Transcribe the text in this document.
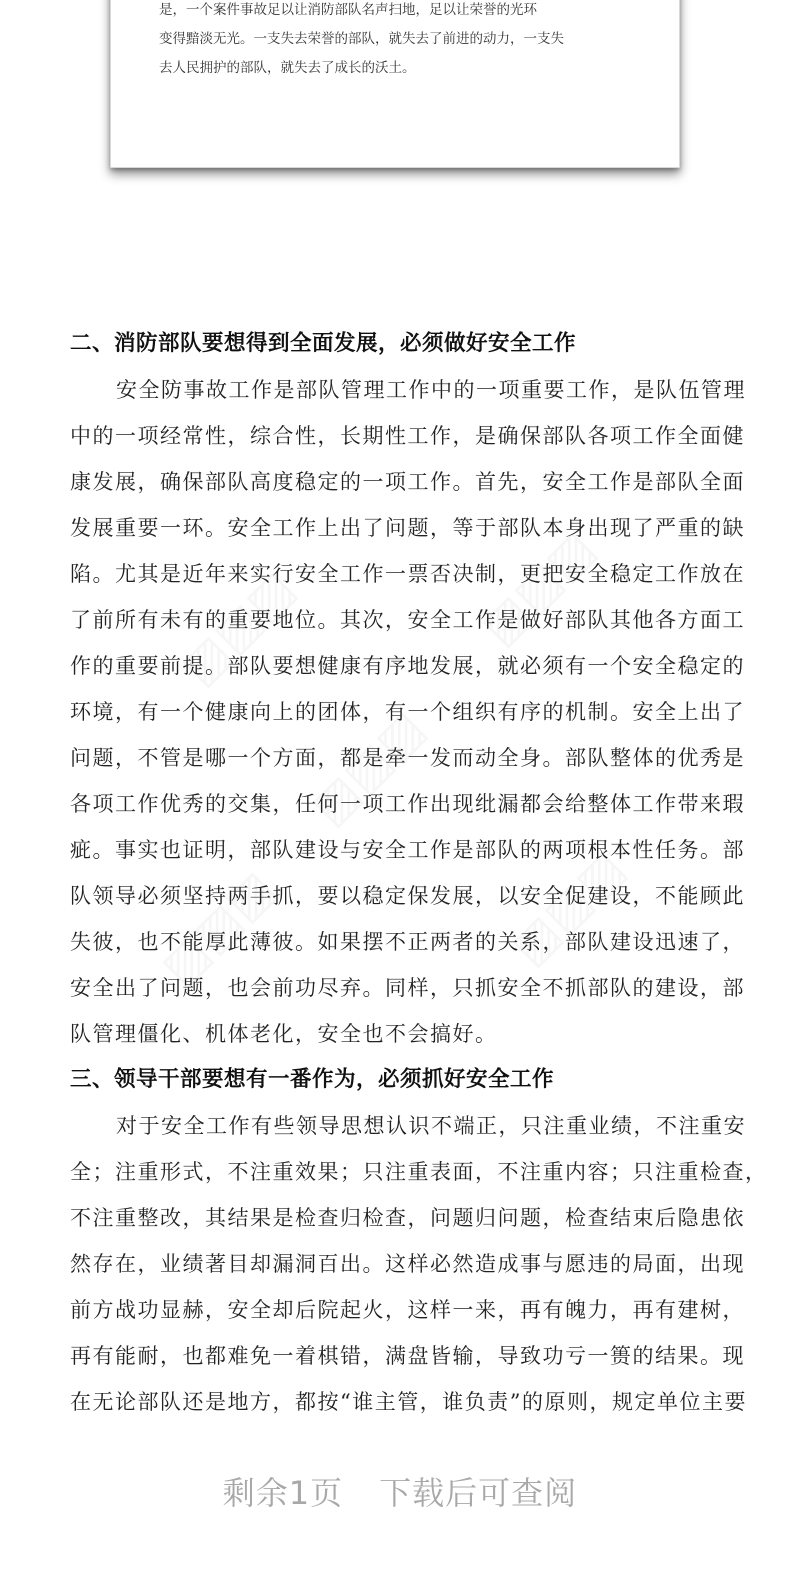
是，一个案件事故足以让消防部队名声扫地，足以让荣誉的光环
变得黯淡无光。一支失去荣誉的部队，就失去了前进的动力，一支失
去人民拥护的部队，就失去了成长的沃土。
二、消防部队要想得到全面发展，必须做好安全工作
安全防事故工作是部队管理工作中的一项重要工作，是队伍管理
中的一项经常性，综合性，长期性工作，是确保部队各项工作全面健
康发展，确保部队高度稳定的一项工作。首先，安全工作是部队全面
发展重要一环。安全工作上出了问题，等于部队本身出现了严重的缺
陷。尤其是近年来实行安全工作一票否决制，更把安全稳定工作放在
了前所有未有的重要地位。其次，安全工作是做好部队其他各方面工
作的重要前提。部队要想健康有序地发展，就必须有一个安全稳定的
环境，有一个健康向上的团体，有一个组织有序的机制。安全上出了
问题，不管是哪一个方面，都是牵一发而动全身。部队整体的优秀是
各项工作优秀的交集，任何一项工作出现纰漏都会给整体工作带来瑕
疵。事实也证明，部队建设与安全工作是部队的两项根本性任务。部
队领导必须坚持两手抓，要以稳定保发展，以安全促建设，不能顾此
失彼，也不能厚此薄彼。如果摆不正两者的关系，部队建设迅速了，
安全出了问题，也会前功尽弃。同样，只抓安全不抓部队的建设，部
队管理僵化、机体老化，安全也不会搞好。
三、领导干部要想有一番作为，必须抓好安全工作
对于安全工作有些领导思想认识不端正，只注重业绩，不注重安
全；注重形式，不注重效果；只注重表面，不注重内容；只注重检查，
不注重整改，其结果是检查归检查，问题归问题，检查结束后隐患依
然存在，业绩著目却漏洞百出。这样必然造成事与愿违的局面，出现
前方战功显赫，安全却后院起火，这样一来，再有魄力，再有建树，
再有能耐，也都难免一着棋错，满盘皆输，导致功亏一篑的结果。现
在无论部队还是地方，都按“谁主管，谁负责”的原则，规定单位主要
剩余1页 下载后可查阅
